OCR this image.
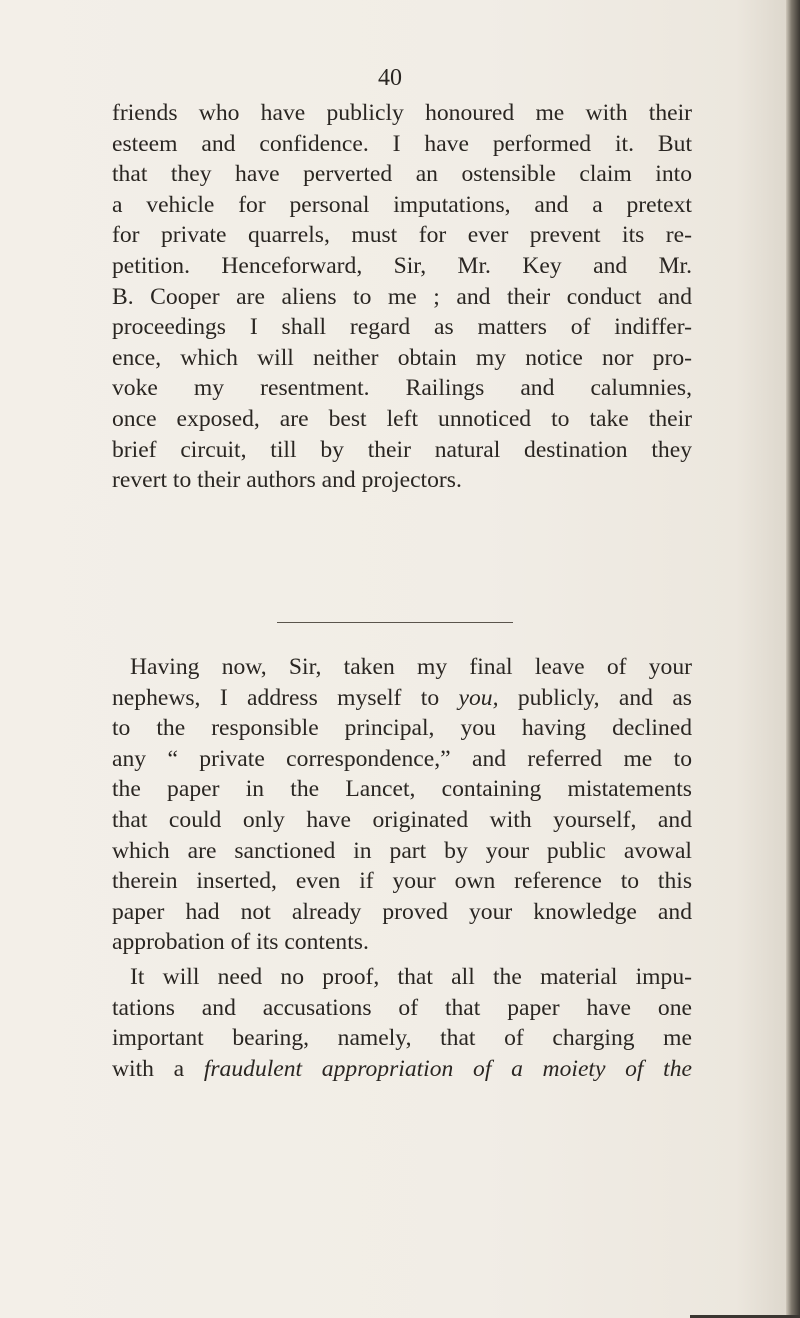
40
friends who have publicly honoured me with their
esteem and confidence. I have performed it. But
that they have perverted an ostensible claim into
a vehicle for personal imputations, and a pretext
for private quarrels, must for ever prevent its re-
petition. Henceforward, Sir, Mr. Key and Mr.
B. Cooper are aliens to me ; and their conduct and
proceedings I shall regard as matters of indiffer-
ence, which will neither obtain my notice nor pro-
voke my resentment. Railings and calumnies,
once exposed, are best left unnoticed to take their
brief circuit, till by their natural destination they
revert to their authors and projectors.
Having now, Sir, taken my final leave of your
nephews, I address myself to you, publicly, and as
to the responsible principal, you having declined
any “ private correspondence,” and referred me to
the paper in the Lancet, containing mistatements
that could only have originated with yourself, and
which are sanctioned in part by your public avowal
therein inserted, even if your own reference to this
paper had not already proved your knowledge and
approbation of its contents.
It will need no proof, that all the material impu-
tations and accusations of that paper have one
important bearing, namely, that of charging me
with a fraudulent appropriation of a moiety of the
